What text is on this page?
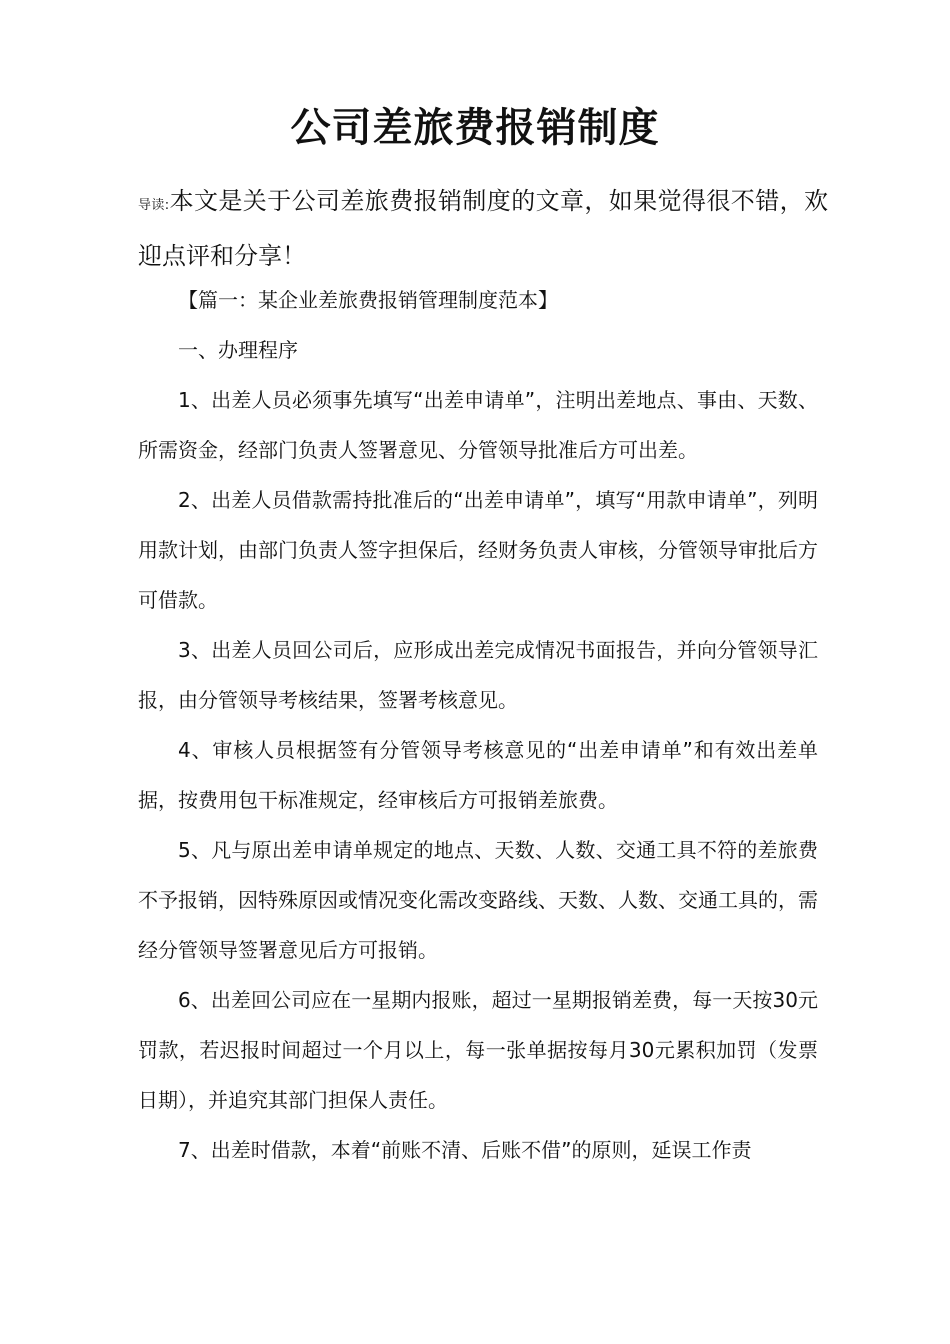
公司差旅费报销制度

导读:本文是关于公司差旅费报销制度的文章，如果觉得很不错，欢迎点评和分享！

【篇一：某企业差旅费报销管理制度范本】

一、办理程序

1、出差人员必须事先填写“出差申请单”，注明出差地点、事由、天数、所需资金，经部门负责人签署意见、分管领导批准后方可出差。

2、出差人员借款需持批准后的“出差申请单”，填写“用款申请单”，列明用款计划，由部门负责人签字担保后，经财务负责人审核，分管领导审批后方可借款。

3、出差人员回公司后，应形成出差完成情况书面报告，并向分管领导汇报，由分管领导考核结果，签署考核意见。

4、审核人员根据签有分管领导考核意见的“出差申请单”和有效出差单据，按费用包干标准规定，经审核后方可报销差旅费。

5、凡与原出差申请单规定的地点、天数、人数、交通工具不符的差旅费不予报销，因特殊原因或情况变化需改变路线、天数、人数、交通工具的，需经分管领导签署意见后方可报销。

6、出差回公司应在一星期内报账，超过一星期报销差费，每一天按30元罚款，若迟报时间超过一个月以上，每一张单据按每月30元累积加罚（发票日期），并追究其部门担保人责任。

7、出差时借款，本着“前账不清、后账不借”的原则，延误工作责
